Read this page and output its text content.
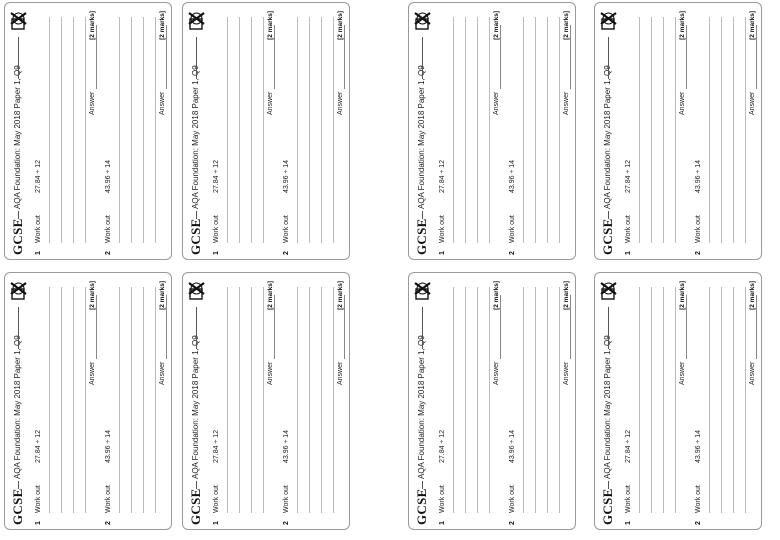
GCSE
AQA Foundation: May 2018 Paper 1, Q9
1
Work out
27.84 ÷ 12
Answer
[2 marks]
2
Work out
43.96 ÷ 14
Answer
[2 marks]
GCSE
AQA Foundation: May 2018 Paper 1, Q9
1
Work out
27.84 ÷ 12
Answer
[2 marks]
2
Work out
43.96 ÷ 14
Answer
[2 marks]
GCSE
AQA Foundation: May 2018 Paper 1, Q9
1
Work out
27.84 ÷ 12
Answer
[2 marks]
2
Work out
43.96 ÷ 14
Answer
[2 marks]
GCSE
AQA Foundation: May 2018 Paper 1, Q9
1
Work out
27.84 ÷ 12
Answer
[2 marks]
2
Work out
43.96 ÷ 14
Answer
[2 marks]
GCSE
AQA Foundation: May 2018 Paper 1, Q9
1
Work out
27.84 ÷ 12
Answer
[2 marks]
2
Work out
43.96 ÷ 14
Answer
[2 marks]
GCSE
AQA Foundation: May 2018 Paper 1, Q9
1
Work out
27.84 ÷ 12
Answer
[2 marks]
2
Work out
43.96 ÷ 14
Answer
[2 marks]
GCSE
AQA Foundation: May 2018 Paper 1, Q9
1
Work out
27.84 ÷ 12
Answer
[2 marks]
2
Work out
43.96 ÷ 14
Answer
[2 marks]
GCSE
AQA Foundation: May 2018 Paper 1, Q9
1
Work out
27.84 ÷ 12
Answer
[2 marks]
2
Work out
43.96 ÷ 14
Answer
[2 marks]
